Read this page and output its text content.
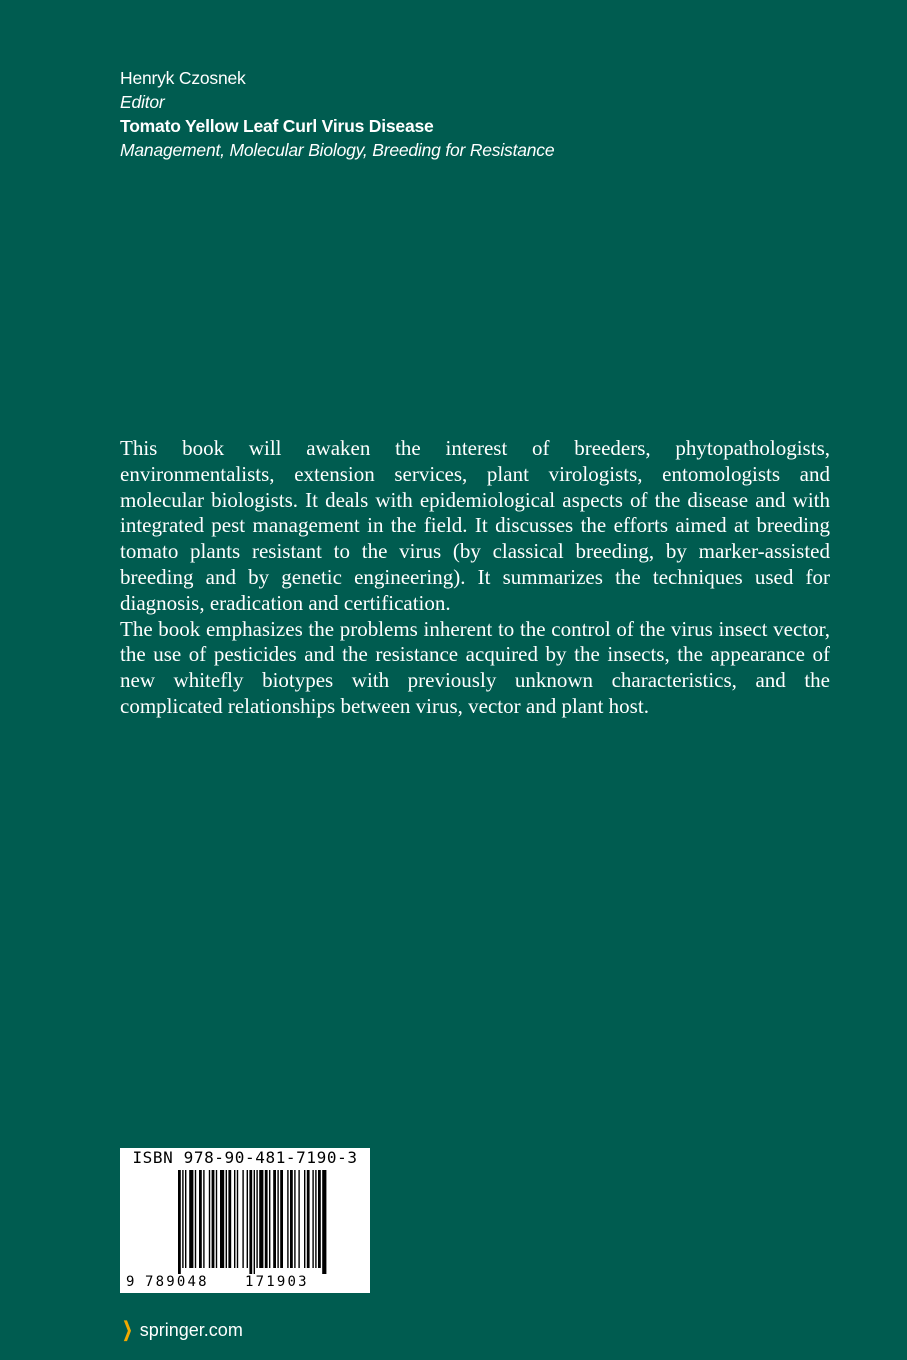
Henryk Czosnek
Editor
Tomato Yellow Leaf Curl Virus Disease
Management, Molecular Biology, Breeding for Resistance

This book will awaken the interest of breeders, phytopathologists, environmentalists, extension services, plant virologists, entomologists and molecular biologists. It deals with epidemiological aspects of the disease and with integrated pest management in the field. It discusses the efforts aimed at breeding tomato plants resistant to the virus (by classical breeding, by marker-assisted breeding and by genetic engineering). It summarizes the techniques used for diagnosis, eradication and certification.

The book emphasizes the problems inherent to the control of the virus insect vector, the use of pesticides and the resistance acquired by the insects, the appearance of new whitefly biotypes with previously unknown characteristics, and the complicated relationships between virus, vector and plant host.

ISBN 978-90-481-7190-3
9 789048	171903
❯ springer.com
